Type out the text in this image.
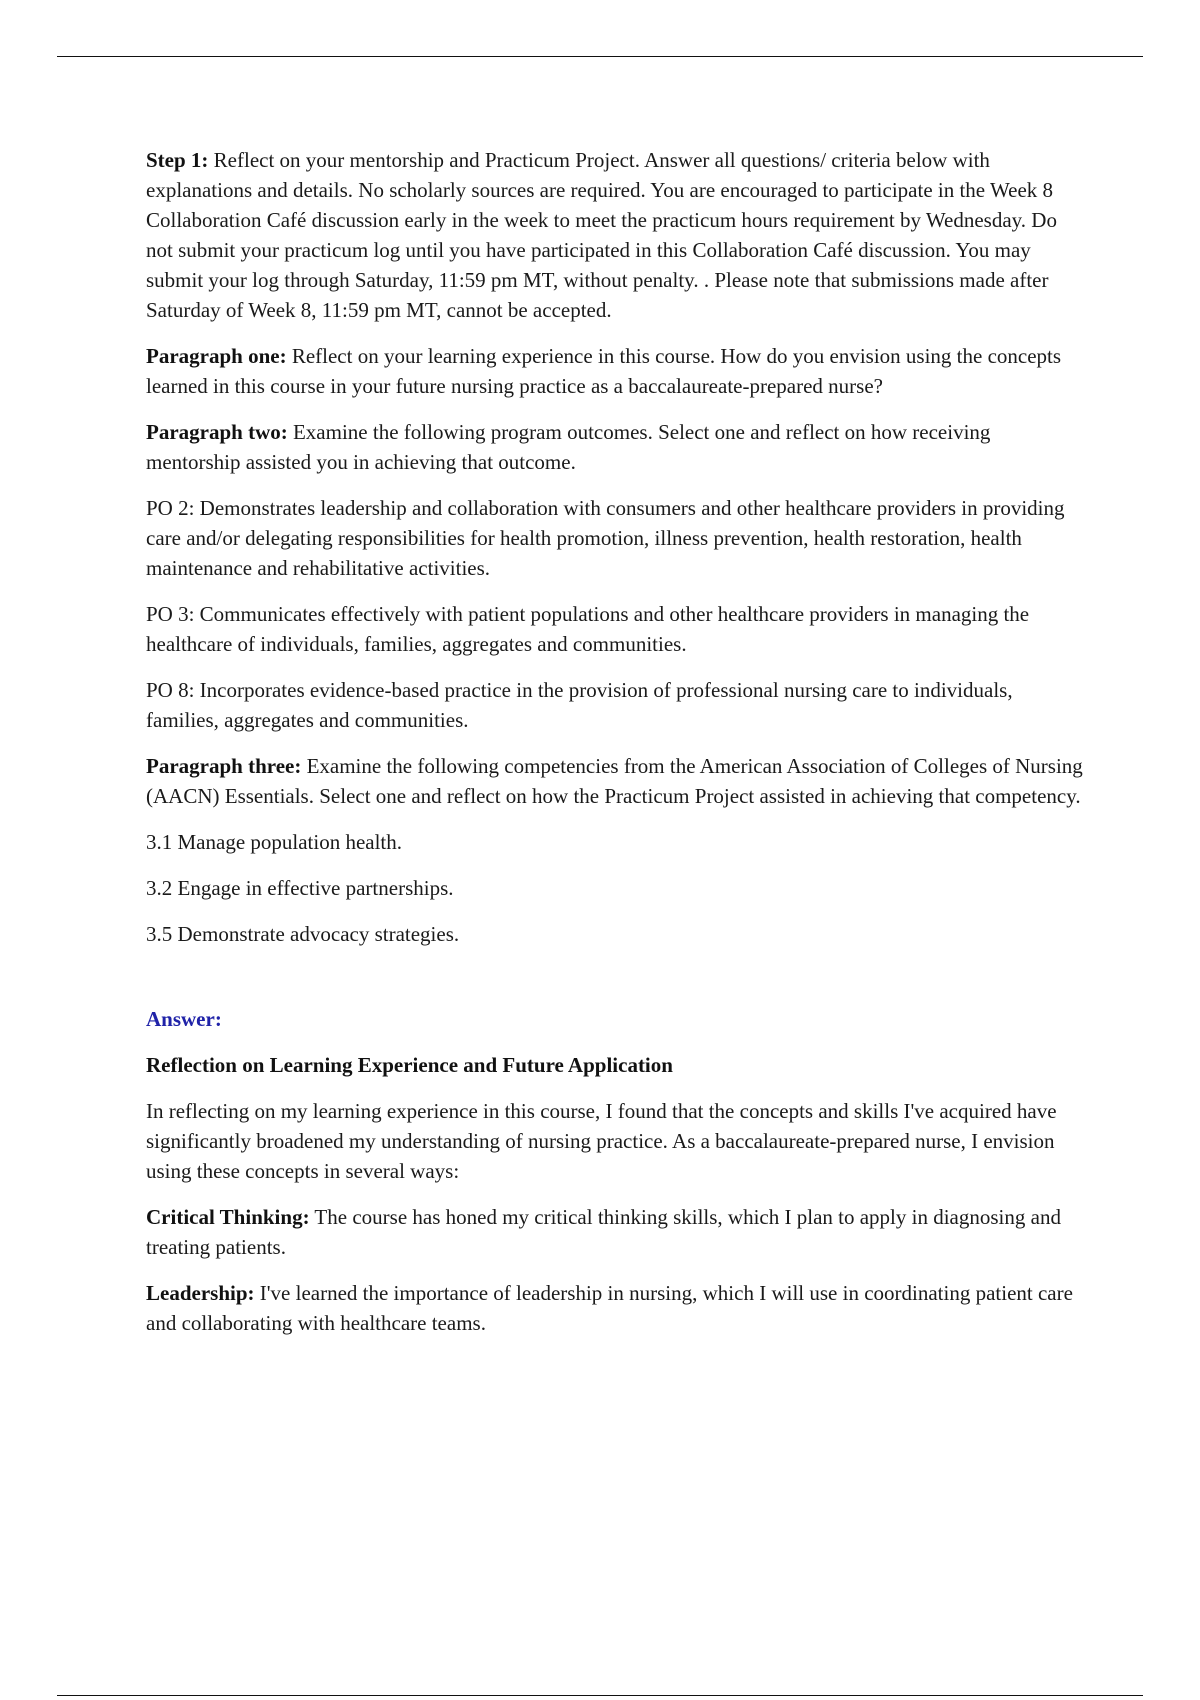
Step 1: Reflect on your mentorship and Practicum Project. Answer all questions/ criteria below with explanations and details. No scholarly sources are required. You are encouraged to participate in the Week 8 Collaboration Café discussion early in the week to meet the practicum hours requirement by Wednesday. Do not submit your practicum log until you have participated in this Collaboration Café discussion. You may submit your log through Saturday, 11:59 pm MT, without penalty. . Please note that submissions made after Saturday of Week 8, 11:59 pm MT, cannot be accepted.

Paragraph one: Reflect on your learning experience in this course. How do you envision using the concepts learned in this course in your future nursing practice as a baccalaureate-prepared nurse?

Paragraph two: Examine the following program outcomes. Select one and reflect on how receiving mentorship assisted you in achieving that outcome.

PO 2: Demonstrates leadership and collaboration with consumers and other healthcare providers in providing care and/or delegating responsibilities for health promotion, illness prevention, health restoration, health maintenance and rehabilitative activities.

PO 3: Communicates effectively with patient populations and other healthcare providers in managing the healthcare of individuals, families, aggregates and communities.

PO 8: Incorporates evidence-based practice in the provision of professional nursing care to individuals, families, aggregates and communities.

Paragraph three: Examine the following competencies from the American Association of Colleges of Nursing (AACN) Essentials. Select one and reflect on how the Practicum Project assisted in achieving that competency.

3.1 Manage population health.

3.2 Engage in effective partnerships.

3.5 Demonstrate advocacy strategies.

Answer:

Reflection on Learning Experience and Future Application

In reflecting on my learning experience in this course, I found that the concepts and skills I've acquired have significantly broadened my understanding of nursing practice. As a baccalaureate-prepared nurse, I envision using these concepts in several ways:

Critical Thinking: The course has honed my critical thinking skills, which I plan to apply in diagnosing and treating patients.

Leadership: I've learned the importance of leadership in nursing, which I will use in coordinating patient care and collaborating with healthcare teams.
